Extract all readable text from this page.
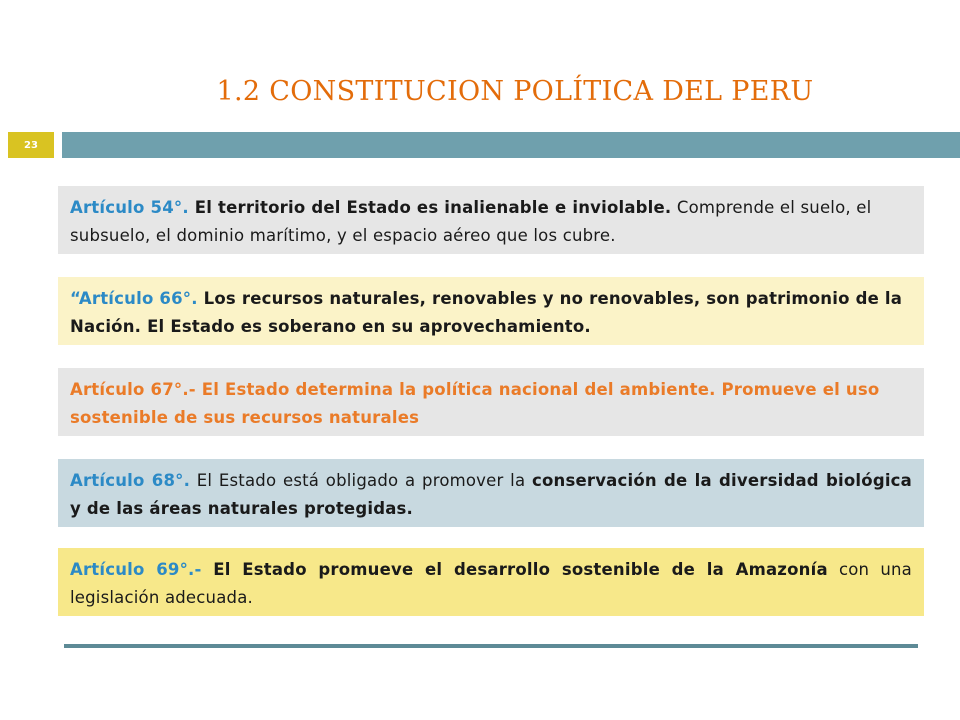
1.2 CONSTITUCION POLÍTICA DEL PERU
23

Artículo 54°. El territorio del Estado es inalienable e inviolable. Comprende el suelo, el subsuelo, el dominio marítimo, y el espacio aéreo que los cubre.

“Artículo 66°. Los recursos naturales, renovables y no renovables, son patrimonio de la Nación. El Estado es soberano en su aprovechamiento.

Artículo 67°.- El Estado determina la política nacional del ambiente. Promueve el uso sostenible de sus recursos naturales

Artículo 68°. El Estado está obligado a promover la conservación de la diversidad biológica y de las áreas naturales protegidas.

Artículo 69°.- El Estado promueve el desarrollo sostenible de la Amazonía con una legislación adecuada.
